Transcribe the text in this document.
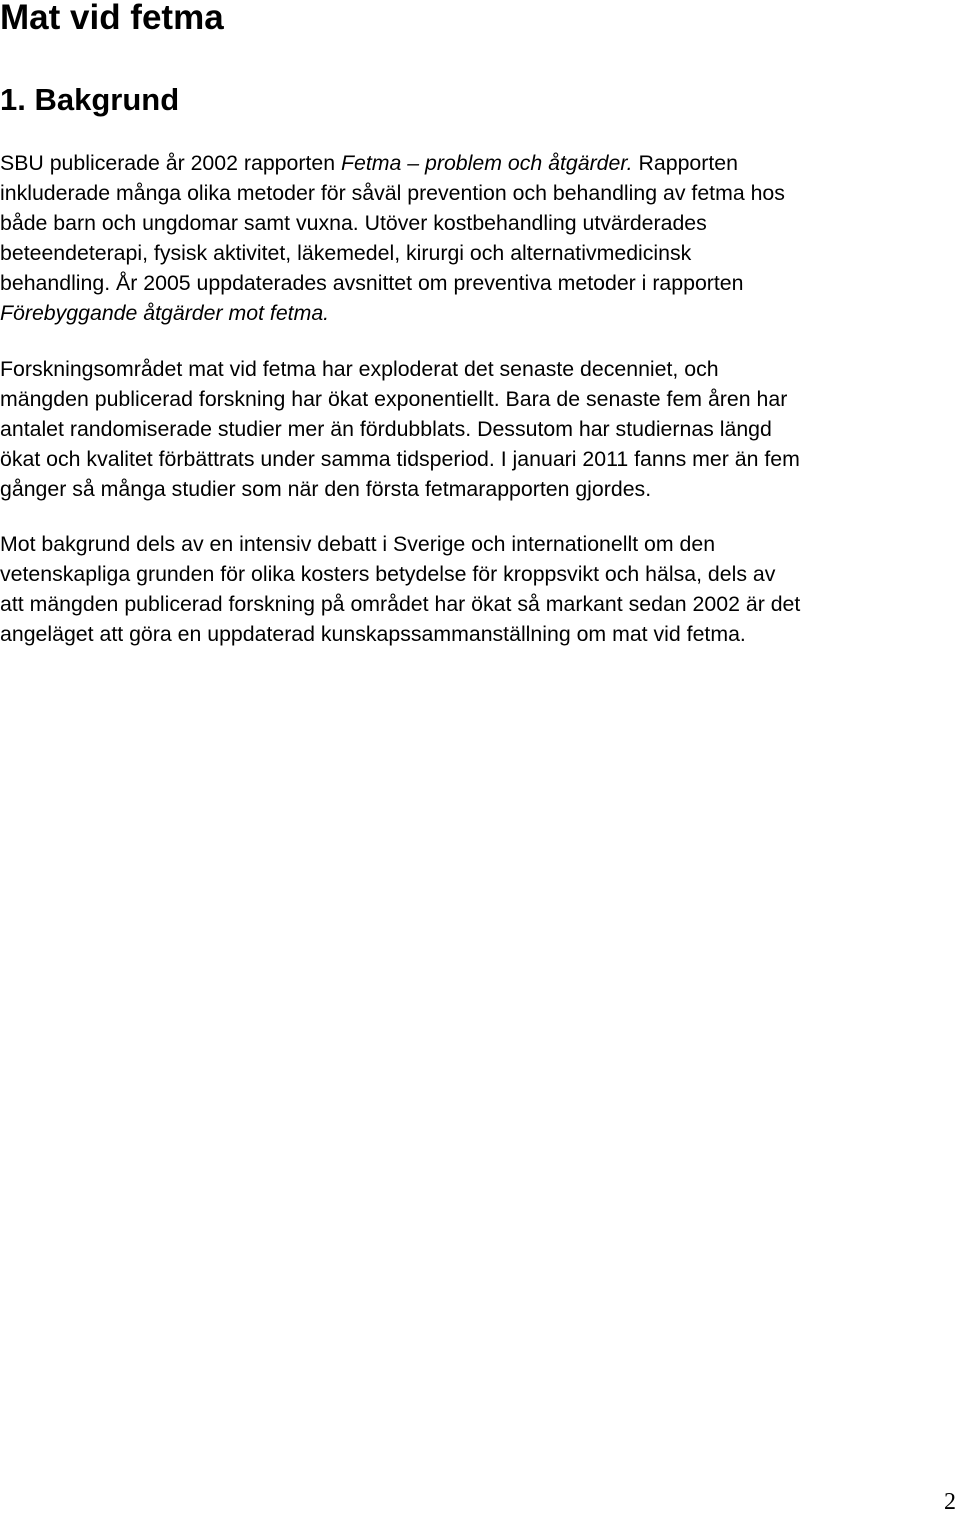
Mat vid fetma
1. Bakgrund

SBU publicerade år 2002 rapporten Fetma – problem och åtgärder. Rapporten
inkluderade många olika metoder för såväl prevention och behandling av fetma hos
både barn och ungdomar samt vuxna. Utöver kostbehandling utvärderades
beteendeterapi, fysisk aktivitet, läkemedel, kirurgi och alternativmedicinsk
behandling. År 2005 uppdaterades avsnittet om preventiva metoder i rapporten
Förebyggande åtgärder mot fetma.

Forskningsområdet mat vid fetma har exploderat det senaste decenniet, och
mängden publicerad forskning har ökat exponentiellt. Bara de senaste fem åren har
antalet randomiserade studier mer än fördubblats. Dessutom har studiernas längd
ökat och kvalitet förbättrats under samma tidsperiod. I januari 2011 fanns mer än fem
gånger så många studier som när den första fetmarapporten gjordes.

Mot bakgrund dels av en intensiv debatt i Sverige och internationellt om den
vetenskapliga grunden för olika kosters betydelse för kroppsvikt och hälsa, dels av
att mängden publicerad forskning på området har ökat så markant sedan 2002 är det
angeläget att göra en uppdaterad kunskapssammanställning om mat vid fetma.

2
